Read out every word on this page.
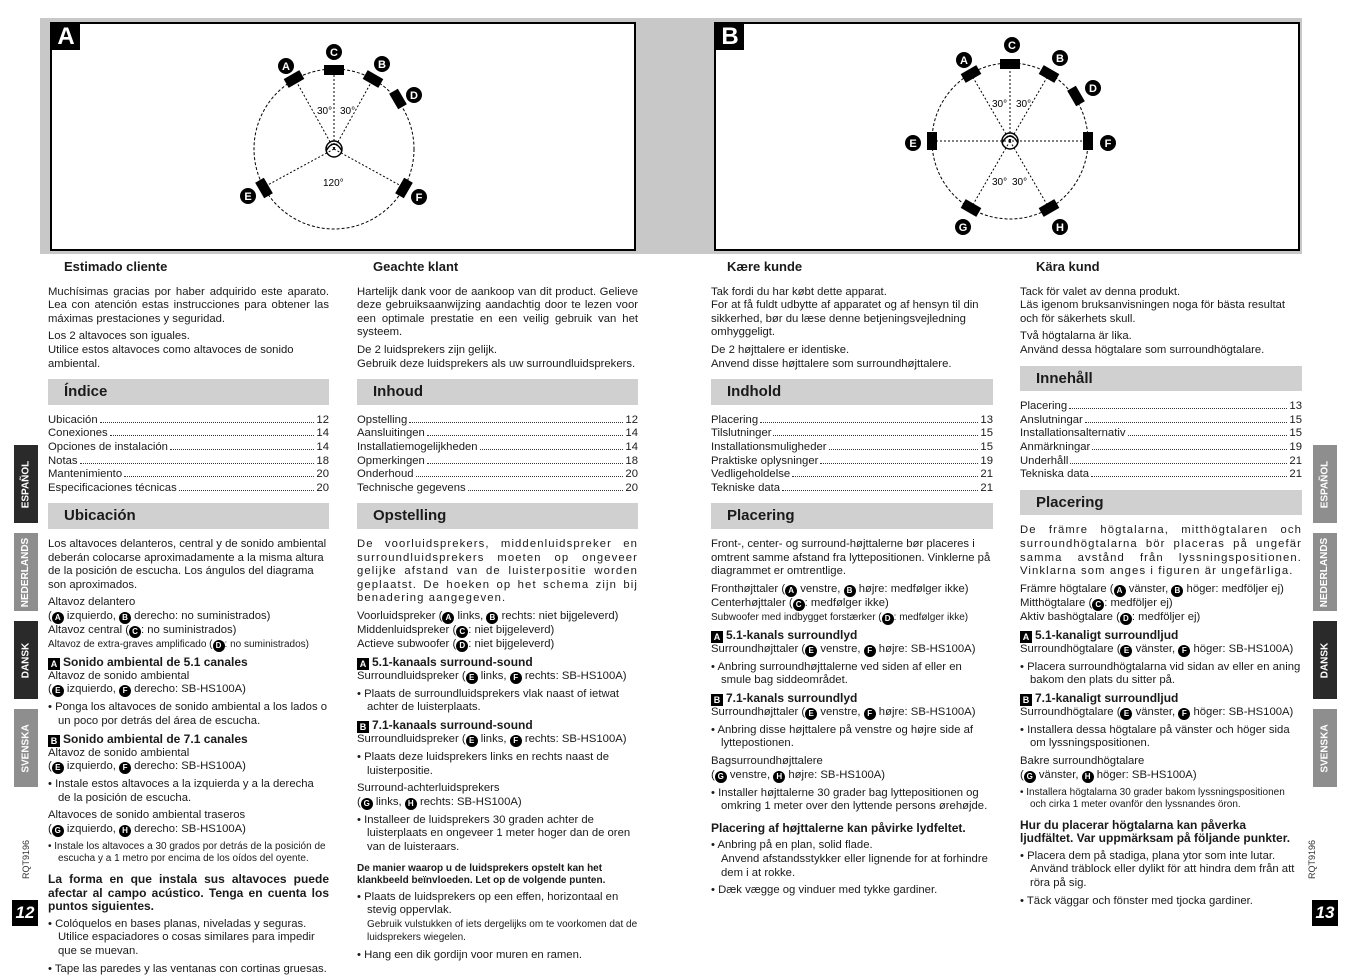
A
30° 30°
120°
A
C
B
D
E	F
B
30° 30°
30° 30°
A
C
B
D
E	F
G	H
Estimado cliente

Muchísimas gracias por haber adquirido este aparato. Lea con atención estas instrucciones para obtener las máximas prestaciones y seguridad.

Los 2 altavoces son iguales.
Utilice estos altavoces como altavoces de sonido ambiental.

Índice
Ubicación	12
Conexiones	14
Opciones de instalación	14
Notas	18
Mantenimiento	20
Especificaciones técnicas	20
Ubicación

Los altavoces delanteros, central y de sonido ambiental deberán colocarse aproximadamente a la misma altura de la posición de escucha. Los ángulos del diagrama son aproximados.

Altavoz delantero
( A izquierdo, B derecho: no suministrados)
Altavoz central ( C : no suministrados)
Altavoz de extra-graves amplificado ( D : no suministrados)

A Sonido ambiental de 5.1 canales

Altavoz de sonido ambiental
( E izquierdo, F derecho: SB-HS100A)

• Ponga los altavoces de sonido ambiental a los lados o un poco por detrás del área de escucha.

B Sonido ambiental de 7.1 canales

Altavoz de sonido ambiental
( E izquierdo, F derecho: SB-HS100A)

• Instale estos altavoces a la izquierda y a la derecha de la posición de escucha.

Altavoces de sonido ambiental traseros
( G izquierdo, H derecho: SB-HS100A)

• Instale los altavoces a 30 grados por detrás de la posición de escucha y a 1 metro por encima de los oídos del oyente.

La forma en que instala sus altavoces puede afectar al campo acústico. Tenga en cuenta los puntos siguientes.

• Colóquelos en bases planas, niveladas y seguras. Utilice espaciadores o cosas similares para impedir que se muevan.

• Tape las paredes y las ventanas con cortinas gruesas.

Geachte klant

Hartelijk dank voor de aankoop van dit product. Gelieve deze gebruiksaanwijzing aandachtig door te lezen voor een optimale prestatie en een veilig gebruik van het systeem.

De 2 luidsprekers zijn gelijk.
Gebruik deze luidsprekers als uw surroundluidsprekers.

Inhoud
Opstelling	12
Aansluitingen	14
Installatiemogelijkheden	14
Opmerkingen	18
Onderhoud	20
Technische gegevens	20
Opstelling

De voorluidsprekers, middenluidspreker en surroundluidsprekers moeten op ongeveer gelijke afstand van de luisterpositie worden geplaatst. De hoeken op het schema zijn bij benadering aangegeven.

Voorluidspreker ( A links, B rechts: niet bijgeleverd)
Middenluidspreker ( C : niet bijgeleverd)
Actieve subwoofer ( D : niet bijgeleverd)

A 5.1-kanaals surround-sound

Surroundluidspreker ( E links, F rechts: SB-HS100A)

• Plaats de surroundluidsprekers vlak naast of ietwat achter de luisterplaats.

B 7.1-kanaals surround-sound

Surroundluidspreker ( E links, F rechts: SB-HS100A)

• Plaats deze luidsprekers links en rechts naast de luisterpositie.

Surround-achterluidsprekers
( G links, H rechts: SB-HS100A)

• Installeer de luidsprekers 30 graden achter de luisterplaats en ongeveer 1 meter hoger dan de oren van de luisteraars.

De manier waarop u de luidsprekers opstelt kan het klankbeeld beïnvloeden. Let op de volgende punten.

• Plaats de luidsprekers op een effen, horizontaal en stevig oppervlak.
Gebruik vulstukken of iets dergelijks om te voorkomen dat de luidsprekers wiegelen.

• Hang een dik gordijn voor muren en ramen.

Kære kunde

Tak fordi du har købt dette apparat.
For at få fuldt udbytte af apparatet og af hensyn til din sikkerhed, bør du læse denne betjeningsvejledning omhyggeligt.

De 2 højttalere er identiske.
Anvend disse højttalere som surroundhøjttalere.

Indhold
Placering	13
Tilslutninger	15
Installationsmuligheder	15
Praktiske oplysninger	19
Vedligeholdelse	21
Tekniske data	21
Placering

Front-, center- og surround-højttalerne bør placeres i omtrent samme afstand fra lyttepositionen. Vinklerne på diagrammet er omtrentlige.

Fronthøjttaler ( A venstre, B højre: medfølger ikke)
Centerhøjttaler ( C : medfølger ikke)
Subwoofer med indbygget forstærker ( D : medfølger ikke)

A 5.1-kanals surroundlyd

Surroundhøjttaler ( E venstre, F højre: SB-HS100A)

• Anbring surroundhøjttalerne ved siden af eller en smule bag siddeområdet.

B 7.1-kanals surroundlyd

Surroundhøjttaler ( E venstre, F højre: SB-HS100A)

• Anbring disse højttalere på venstre og højre side af lyttepostionen.

Bagsurroundhøjttalere
( G venstre, H højre: SB-HS100A)

• Installer højttalerne 30 grader bag lyttepositionen og omkring 1 meter over den lyttende persons ørehøjde.

Placering af højttalerne kan påvirke lydfeltet.

• Anbring på en plan, solid flade.
Anvend afstandsstykker eller lignende for at forhindre dem i at rokke.

• Dæk vægge og vinduer med tykke gardiner.

Kära kund

Tack för valet av denna produkt.
Läs igenom bruksanvisningen noga för bästa resultat och för säkerhets skull.

Två högtalarna är lika.
Använd dessa högtalare som surroundhögtalare.

Innehåll
Placering	13
Anslutningar	15
Installationsalternativ	15
Anmärkningar	19
Underhåll	21
Tekniska data	21
Placering

De främre högtalarna, mitthögtalaren och surroundhögtalarna bör placeras på ungefär samma avstånd från lyssningspositionen. Vinklarna som anges i figuren är ungefärliga.

Främre högtalare ( A vänster, B höger: medföljer ej)
Mitthögtalare ( C : medföljer ej)
Aktiv bashögtalare ( D : medföljer ej)

A 5.1-kanaligt surroundljud

Surroundhögtalare ( E vänster, F höger: SB-HS100A)

• Placera surroundhögtalarna vid sidan av eller en aning bakom den plats du sitter på.

B 7.1-kanaligt surroundljud

Surroundhögtalare ( E vänster, F höger: SB-HS100A)

• Installera dessa högtalare på vänster och höger sida om lyssningspositionen.

Bakre surroundhögtalare
( G vänster, H höger: SB-HS100A)

• Installera högtalarna 30 grader bakom lyssningspositionen och cirka 1 meter ovanför den lyssnandes öron.

Hur du placerar högtalarna kan påverka ljudfältet. Var uppmärksam på följande punkter.

• Placera dem på stadiga, plana ytor som inte lutar.
Använd träblock eller dylikt för att hindra dem från att röra på sig.

• Täck väggar och fönster med tjocka gardiner.

ESPAÑOL
NEDERLANDS
DANSK
SVENSKA
ESPAÑOL
NEDERLANDS
DANSK
SVENSKA
RQT9196	RQT9196
12	13
